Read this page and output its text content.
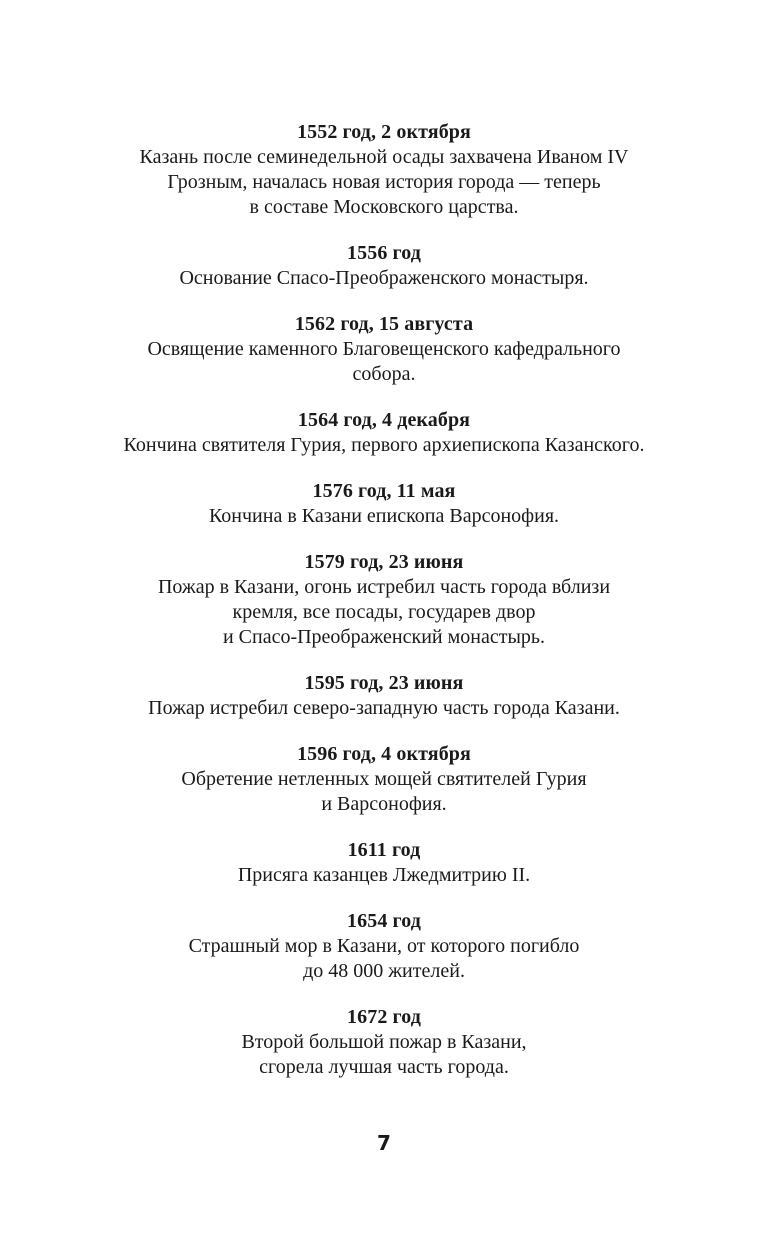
1552 год, 2 октября
Казань после семинедельной осады захвачена Иваном IV
Грозным, началась новая история города — теперь
в составе Московского царства.
1556 год
Основание Спасо-Преображенского монастыря.
1562 год, 15 августа
Освящение каменного Благовещенского кафедрального
собора.
1564 год, 4 декабря
Кончина святителя Гурия, первого архиепископа Казанского.
1576 год, 11 мая
Кончина в Казани епископа Варсонофия.
1579 год, 23 июня
Пожар в Казани, огонь истребил часть города вблизи
кремля, все посады, государев двор
и Спасо-Преображенский монастырь.
1595 год, 23 июня
Пожар истребил северо-западную часть города Казани.
1596 год, 4 октября
Обретение нетленных мощей святителей Гурия
и Варсонофия.
1611 год
Присяга казанцев Лжедмитрию II.
1654 год
Страшный мор в Казани, от которого погибло
до 48 000 жителей.
1672 год
Второй большой пожар в Казани,
сгорела лучшая часть города.
7
